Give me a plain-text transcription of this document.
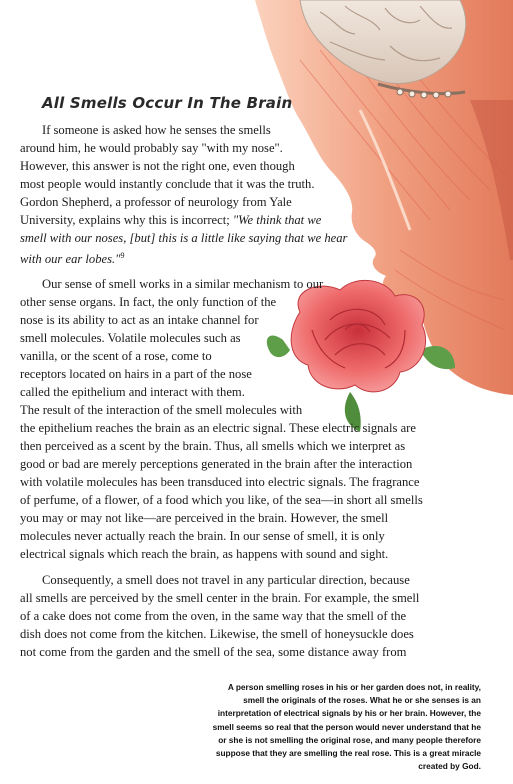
All Smells Occur In The Brain
If someone is asked how he senses the smells
around him, he would probably say "with my nose".
However, this answer is not the right one, even though
most people would instantly conclude that it was the truth.
Gordon Shepherd, a professor of neurology from Yale
University, explains why this is incorrect; "We think that we
smell with our noses, [but] this is a little like saying that we hear
with our ear lobes."$^9$
Our sense of smell works in a similar mechanism to our
other sense organs. In fact, the only function of the
nose is its ability to act as an intake channel for
smell molecules. Volatile molecules such as
vanilla, or the scent of a rose, come to
receptors located on hairs in a part of the nose
called the epithelium and interact with them.
The result of the interaction of the smell molecules with
the epithelium reaches the brain as an electric signal. These electric signals are
then perceived as a scent by the brain. Thus, all smells which we interpret as
good or bad are merely perceptions generated in the brain after the interaction
with volatile molecules has been transduced into electric signals. The fragrance
of perfume, of a flower, of a food which you like, of the sea—in short all smells
you may or may not like—are perceived in the brain. However, the smell
molecules never actually reach the brain. In our sense of smell, it is only
electrical signals which reach the brain, as happens with sound and sight.
Consequently, a smell does not travel in any particular direction, because
all smells are perceived by the smell center in the brain. For example, the smell
of a cake does not come from the oven, in the same way that the smell of the
dish does not come from the kitchen. Likewise, the smell of honeysuckle does
not come from the garden and the smell of the sea, some distance away from

A person smelling roses in his or her garden does not, in reality,
smell the originals of the roses. What he or she senses is an
interpretation of electrical signals by his or her brain. However, the
smell seems so real that the person would never understand that he
or she is not smelling the original rose, and many people therefore
suppose that they are smelling the real rose. This is a great miracle
created by God.
